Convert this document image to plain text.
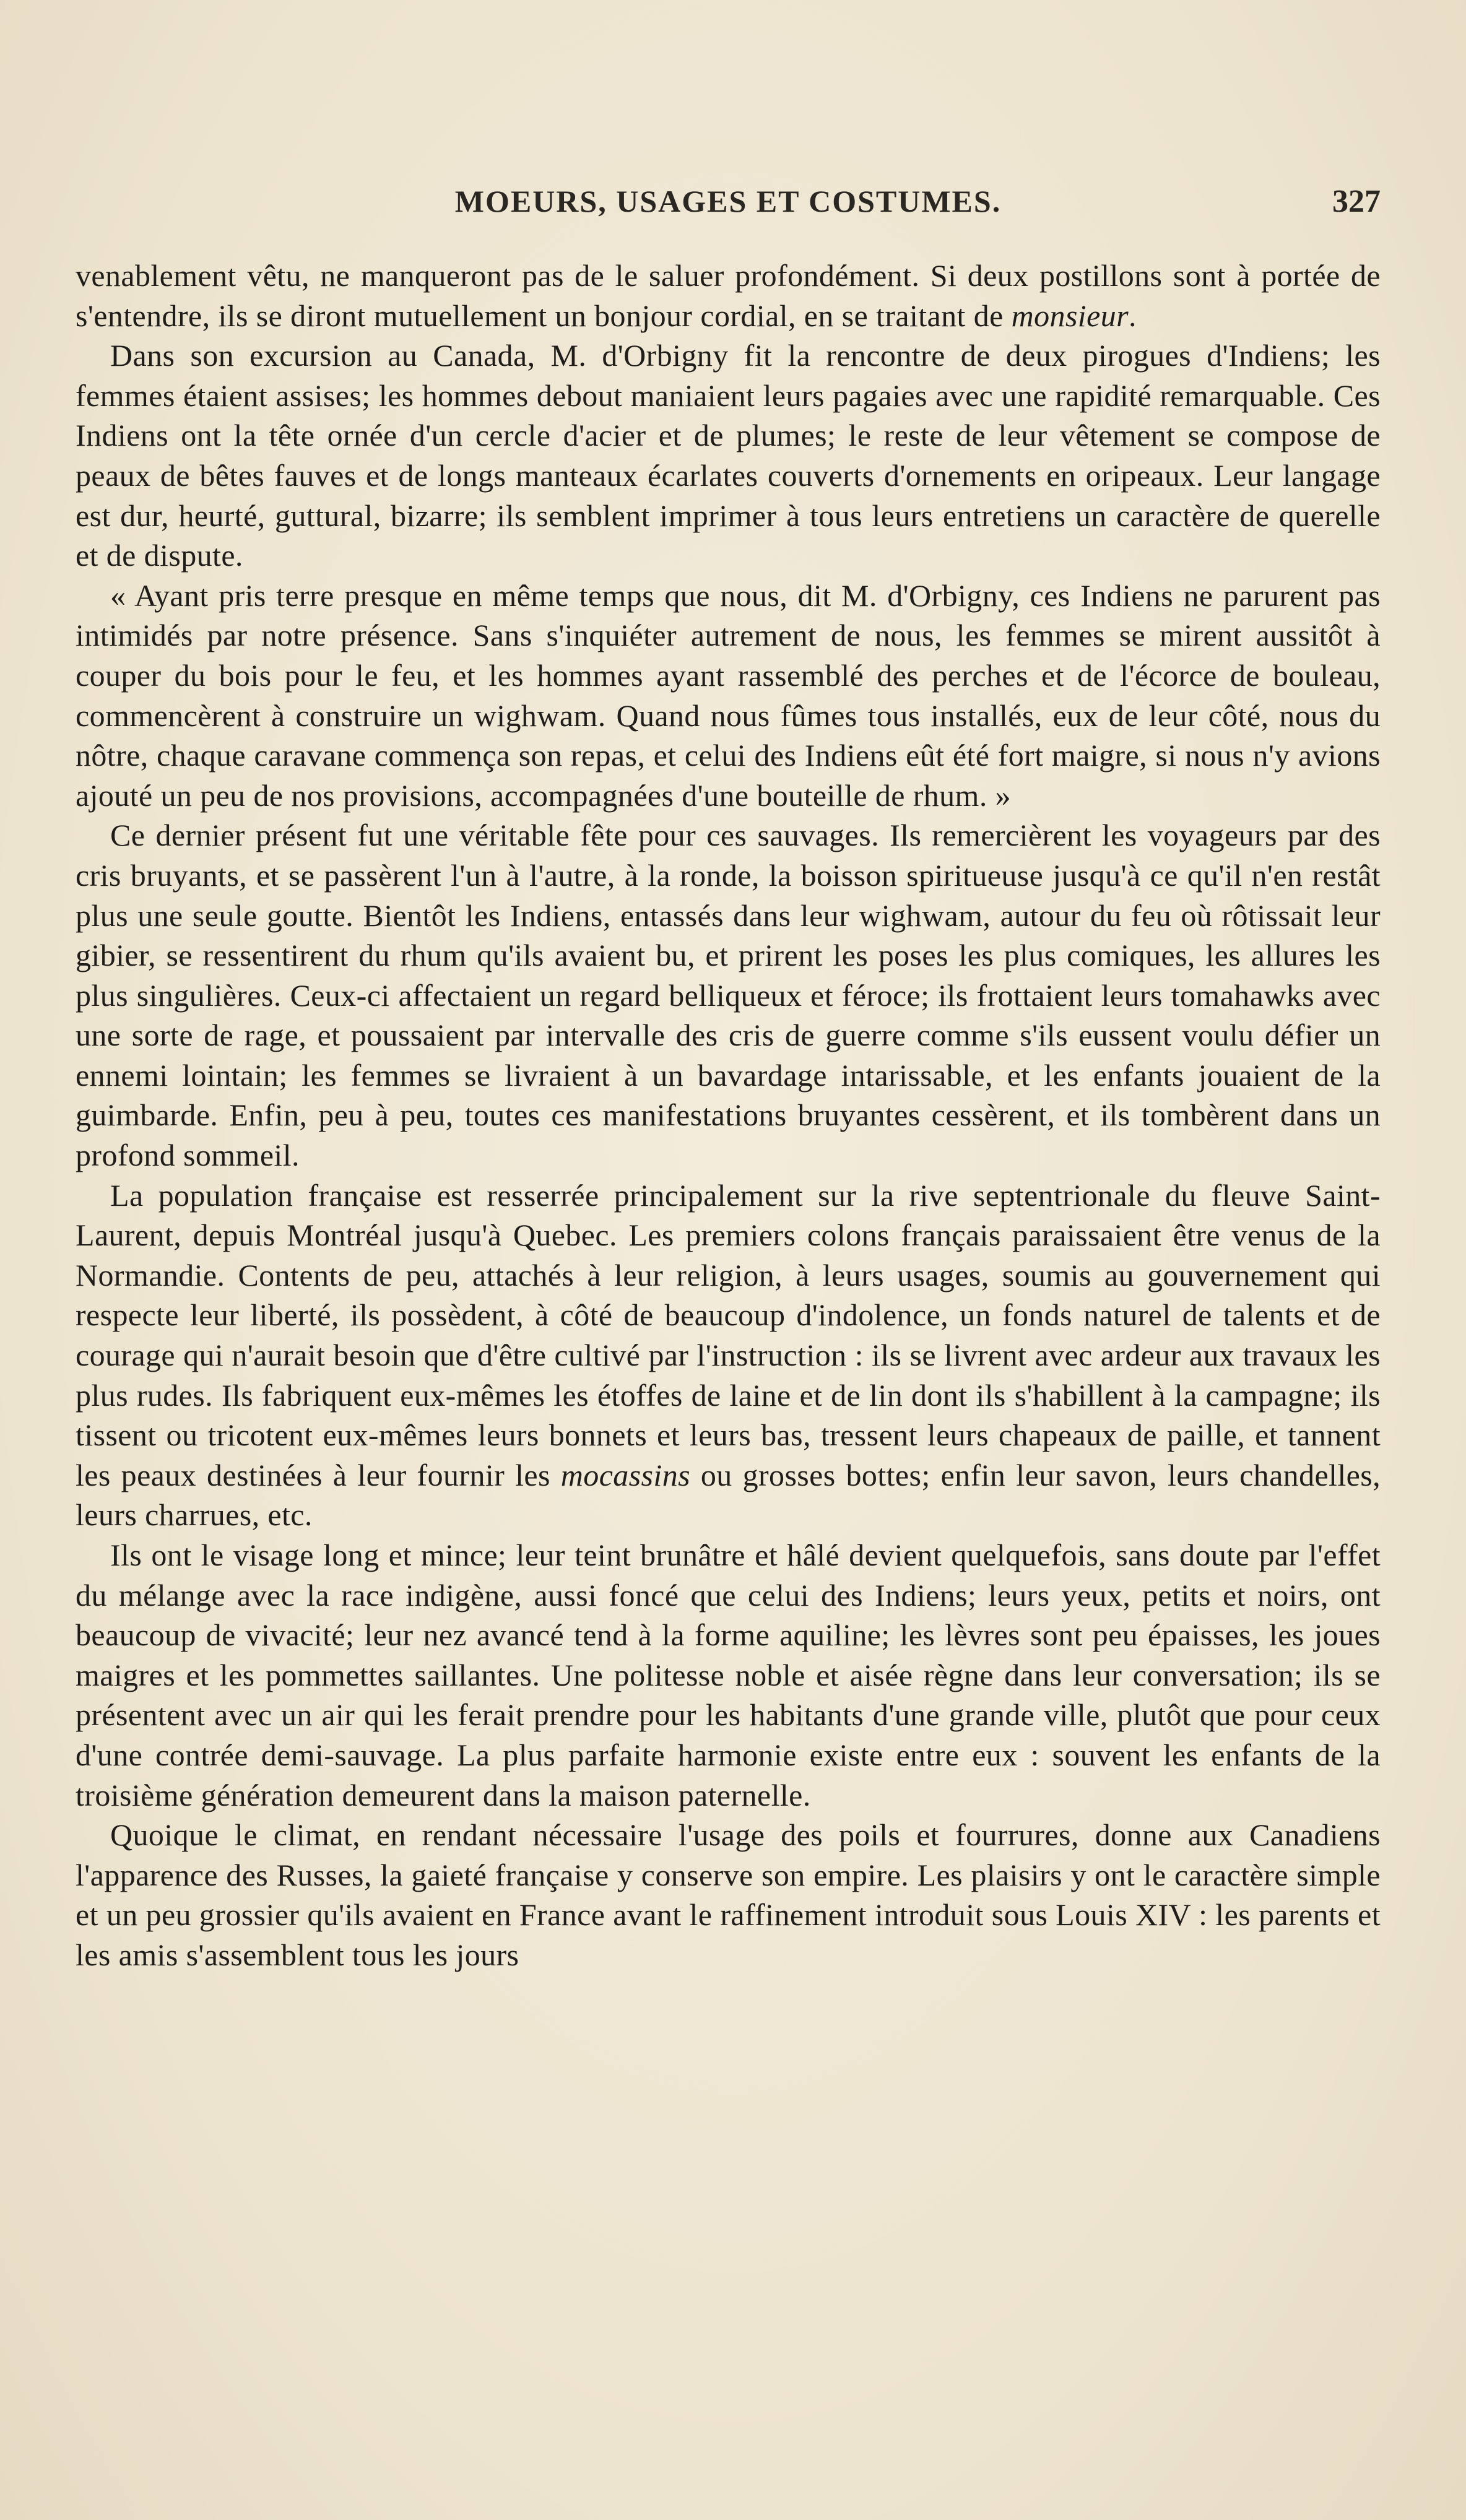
MOEURS, USAGES ET COSTUMES.	327

venablement vêtu, ne manqueront pas de le saluer profondément. Si deux postillons sont à portée de s'entendre, ils se diront mutuellement un bonjour cordial, en se traitant de monsieur.

Dans son excursion au Canada, M. d'Orbigny fit la rencontre de deux pirogues d'Indiens; les femmes étaient assises; les hommes debout maniaient leurs pagaies avec une rapidité remarquable. Ces Indiens ont la tête ornée d'un cercle d'acier et de plumes; le reste de leur vêtement se compose de peaux de bêtes fauves et de longs manteaux écarlates couverts d'ornements en oripeaux. Leur langage est dur, heurté, guttural, bizarre; ils semblent imprimer à tous leurs entretiens un caractère de querelle et de dispute.

« Ayant pris terre presque en même temps que nous, dit M. d'Orbigny, ces Indiens ne parurent pas intimidés par notre présence. Sans s'inquiéter autrement de nous, les femmes se mirent aussitôt à couper du bois pour le feu, et les hommes ayant rassemblé des perches et de l'écorce de bouleau, commencèrent à construire un wighwam. Quand nous fûmes tous installés, eux de leur côté, nous du nôtre, chaque caravane commença son repas, et celui des Indiens eût été fort maigre, si nous n'y avions ajouté un peu de nos provisions, accompagnées d'une bouteille de rhum. »

Ce dernier présent fut une véritable fête pour ces sauvages. Ils remercièrent les voyageurs par des cris bruyants, et se passèrent l'un à l'autre, à la ronde, la boisson spiritueuse jusqu'à ce qu'il n'en restât plus une seule goutte. Bientôt les Indiens, entassés dans leur wighwam, autour du feu où rôtissait leur gibier, se ressentirent du rhum qu'ils avaient bu, et prirent les poses les plus comiques, les allures les plus singulières. Ceux-ci affectaient un regard belliqueux et féroce; ils frottaient leurs tomahawks avec une sorte de rage, et poussaient par intervalle des cris de guerre comme s'ils eussent voulu défier un ennemi lointain; les femmes se livraient à un bavardage intarissable, et les enfants jouaient de la guimbarde. Enfin, peu à peu, toutes ces manifestations bruyantes cessèrent, et ils tombèrent dans un profond sommeil.

La population française est resserrée principalement sur la rive septentrionale du fleuve Saint-Laurent, depuis Montréal jusqu'à Quebec. Les premiers colons français paraissaient être venus de la Normandie. Contents de peu, attachés à leur religion, à leurs usages, soumis au gouvernement qui respecte leur liberté, ils possèdent, à côté de beaucoup d'indolence, un fonds naturel de talents et de courage qui n'aurait besoin que d'être cultivé par l'instruction : ils se livrent avec ardeur aux travaux les plus rudes. Ils fabriquent eux-mêmes les étoffes de laine et de lin dont ils s'habillent à la campagne; ils tissent ou tricotent eux-mêmes leurs bonnets et leurs bas, tressent leurs chapeaux de paille, et tannent les peaux destinées à leur fournir les mocassins ou grosses bottes; enfin leur savon, leurs chandelles, leurs charrues, etc.

Ils ont le visage long et mince; leur teint brunâtre et hâlé devient quelquefois, sans doute par l'effet du mélange avec la race indigène, aussi foncé que celui des Indiens; leurs yeux, petits et noirs, ont beaucoup de vivacité; leur nez avancé tend à la forme aquiline; les lèvres sont peu épaisses, les joues maigres et les pommettes saillantes. Une politesse noble et aisée règne dans leur conversation; ils se présentent avec un air qui les ferait prendre pour les habitants d'une grande ville, plutôt que pour ceux d'une contrée demi-sauvage. La plus parfaite harmonie existe entre eux : souvent les enfants de la troisième génération demeurent dans la maison paternelle.

Quoique le climat, en rendant nécessaire l'usage des poils et fourrures, donne aux Canadiens l'apparence des Russes, la gaieté française y conserve son empire. Les plaisirs y ont le caractère simple et un peu grossier qu'ils avaient en France avant le raffinement introduit sous Louis XIV : les parents et les amis s'assemblent tous les jours
